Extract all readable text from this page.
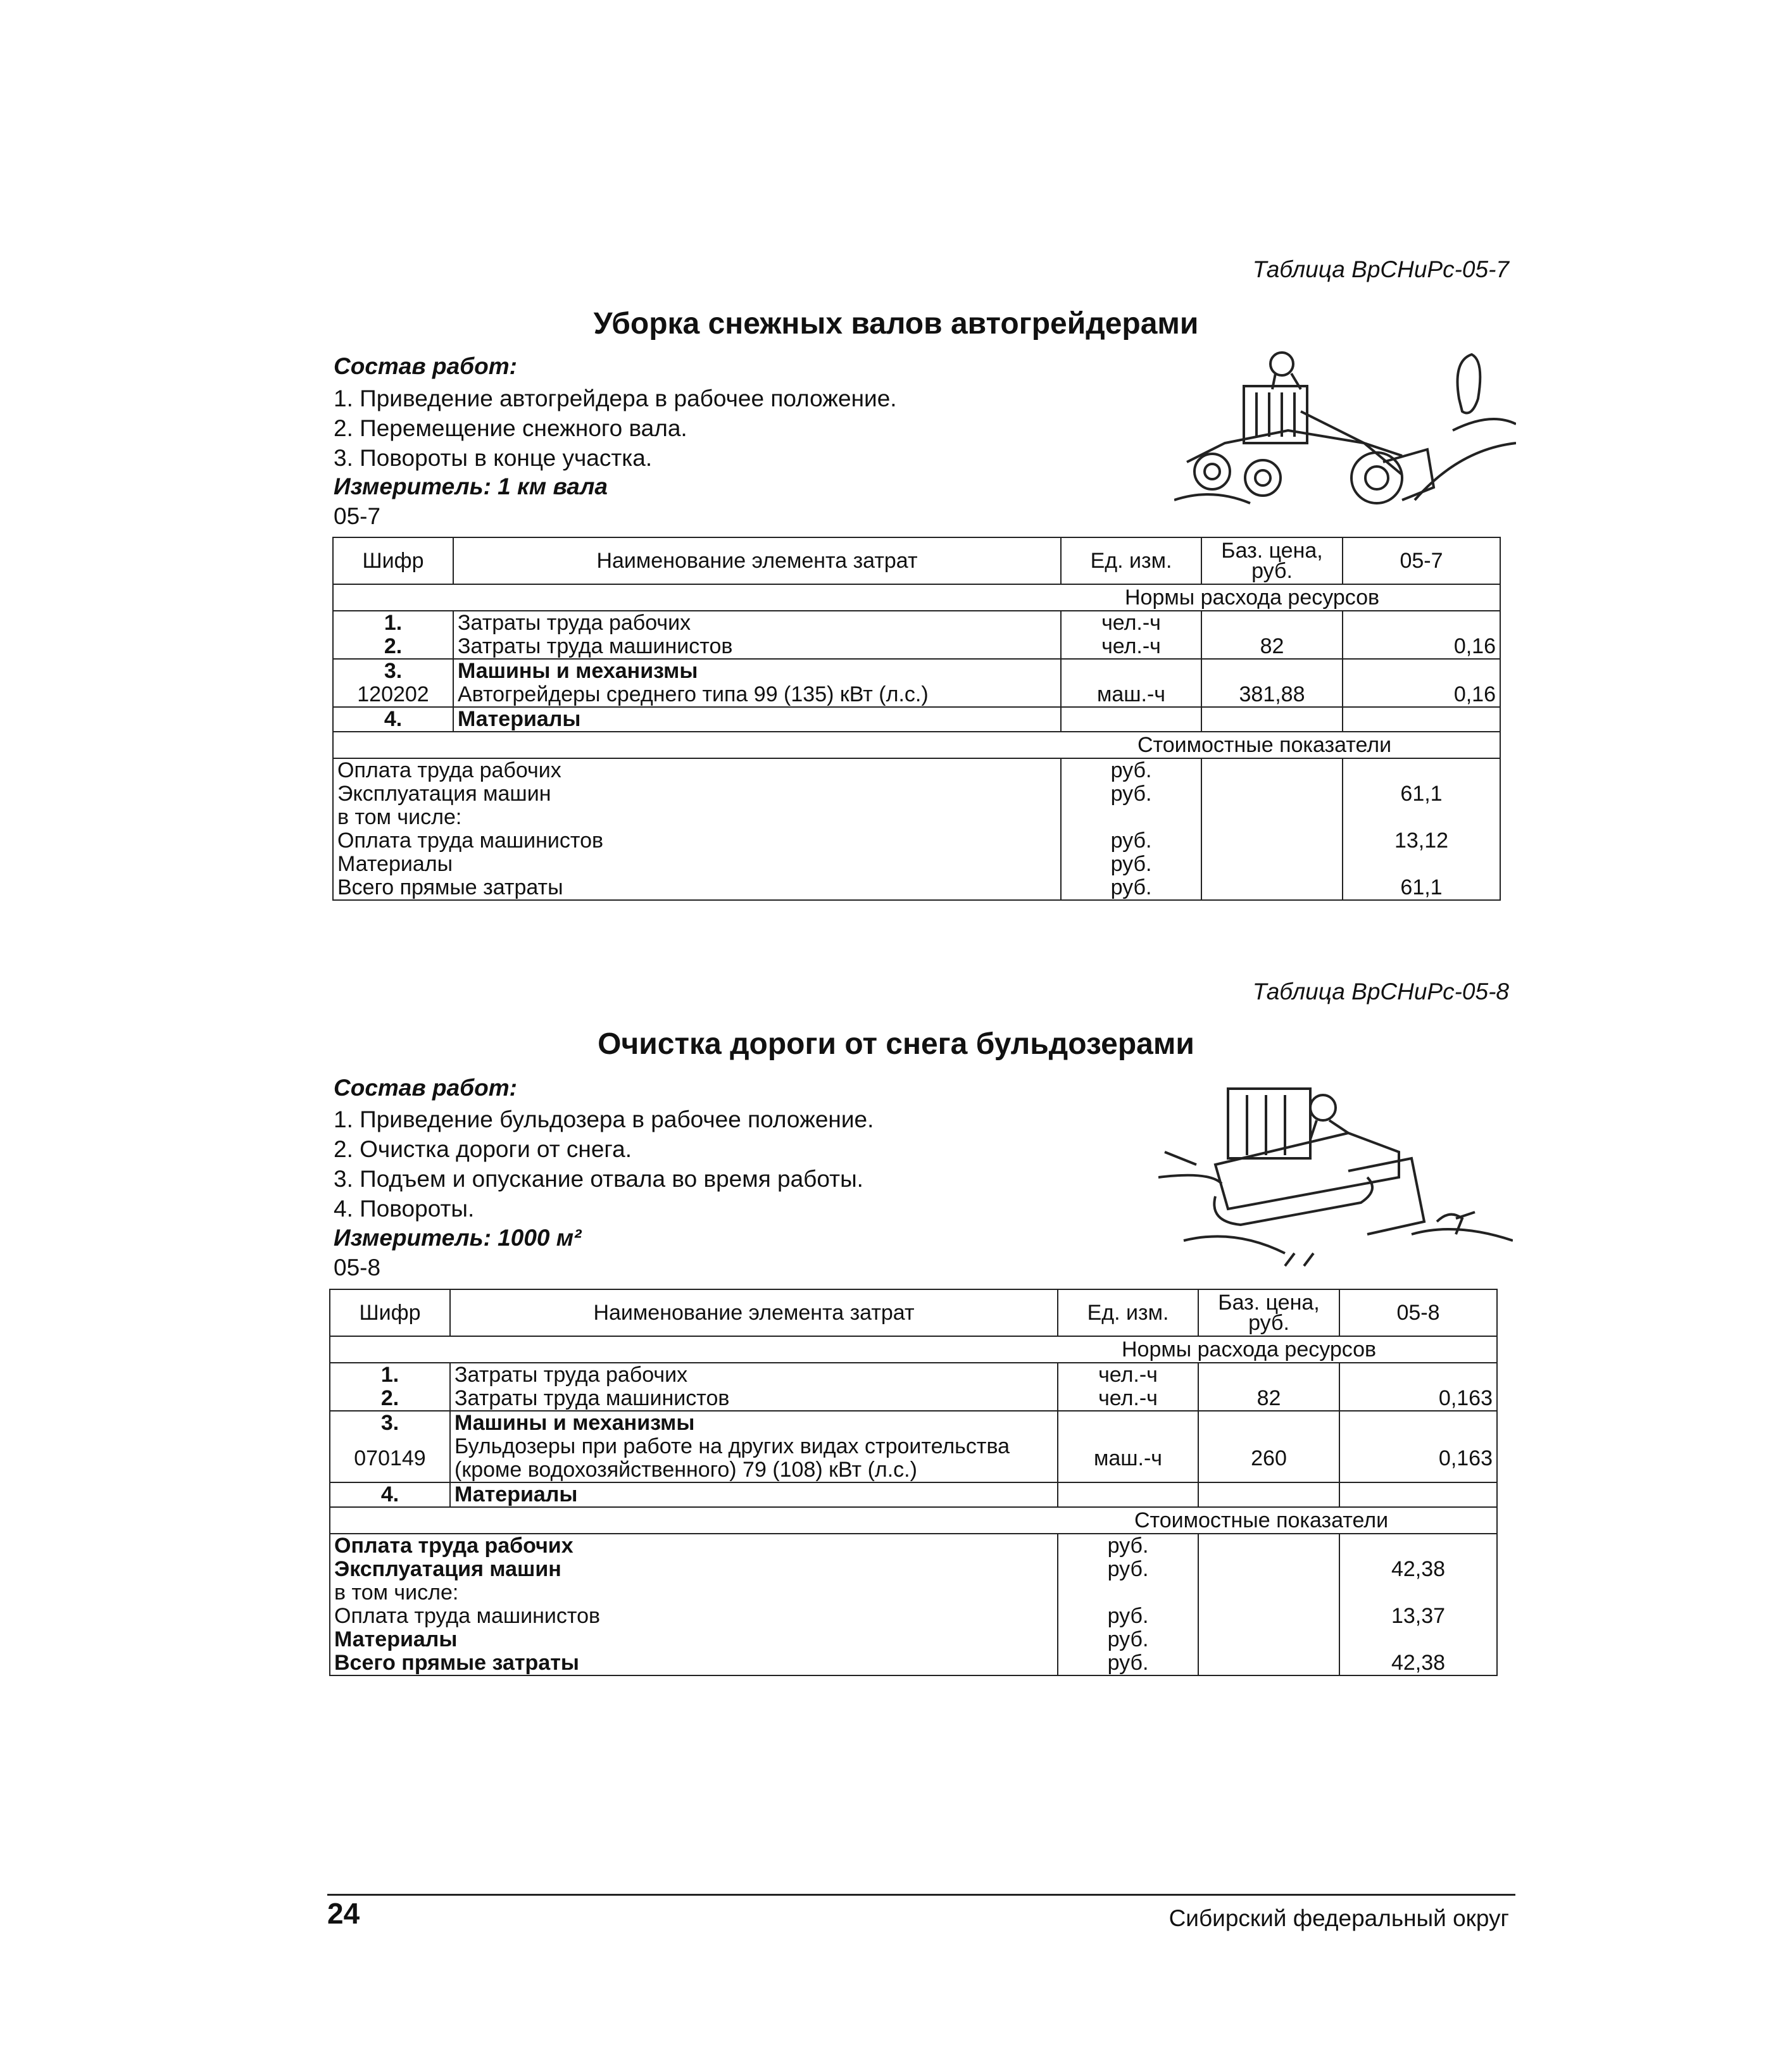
Таблица ВрСНиРс-05-7
Уборка снежных валов автогрейдерами
Состав работ:
1. Приведение автогрейдера в рабочее положение.
2. Перемещение снежного вала.
3. Повороты в конце участка.
Измеритель: 1 км вала
05-7
Шифр	Наименование элемента затрат	Ед. изм.	Баз. цена, руб.	05-7
Нормы расхода ресурсов				
1.	Затраты труда рабочих	чел.-ч		
2.	Затраты труда машинистов	чел.-ч	82	0,16
3.	Машины и механизмы			
120202	Автогрейдеры среднего типа 99 (135) кВт (л.с.)	маш.-ч	381,88	0,16
4.	Материалы			
Стоимостные показатели				
Оплата труда рабочих		руб.		
Эксплуатация машин		руб.		61,1
в том числе:				
Оплата труда машинистов		руб.		13,12
Материалы		руб.		
Всего прямые затраты		руб.		61,1
Таблица ВрСНиРс-05-8
Очистка дороги от снега бульдозерами
Состав работ:
1. Приведение бульдозера в рабочее положение.
2. Очистка дороги от снега.
3. Подъем и опускание отвала во время работы.
4. Повороты.
Измеритель: 1000 м²
05-8
Шифр	Наименование элемента затрат	Ед. изм.	Баз. цена, руб.	05-8
Нормы расхода ресурсов				
1.	Затраты труда рабочих	чел.-ч		
2.	Затраты труда машинистов	чел.-ч	82	0,163
3.	Машины и механизмы			
070149	Бульдозеры при работе на других видах строительства
(кроме водохозяйственного) 79 (108) кВт (л.с.)	маш.-ч	260	0,163
4.	Материалы			
Стоимостные показатели				
Оплата труда рабочих		руб.		
Эксплуатация машин		руб.		42,38
в том числе:				
Оплата труда машинистов		руб.		13,37
Материалы		руб.		
Всего прямые затраты		руб.		42,38
24	Сибирский федеральный округ
